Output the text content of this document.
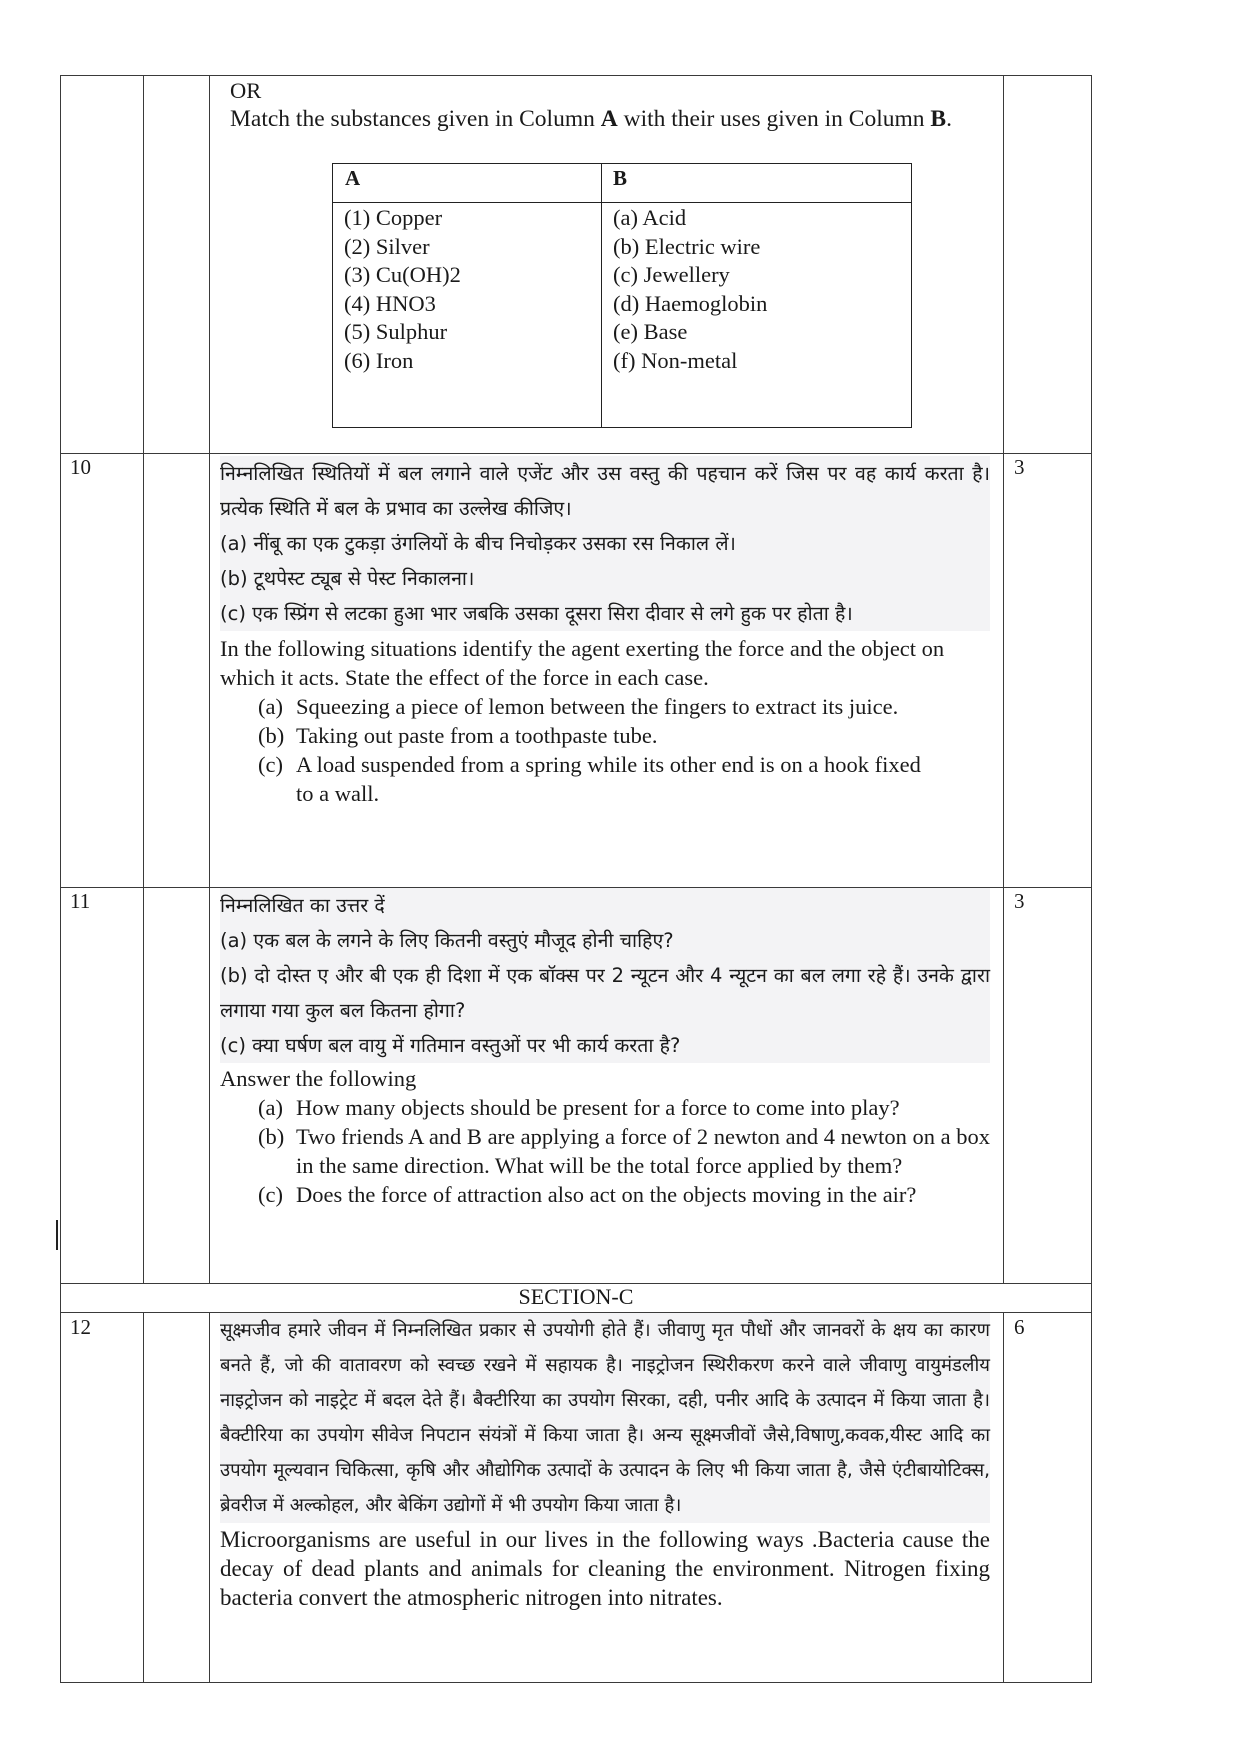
OR
Match the substances given in Column A with their uses given in Column B.
A	B
(1) Copper
(2) Silver
(3) Cu(OH)2
(4) HNO3
(5) Sulphur
(6) Iron
(a) Acid
(b) Electric wire
(c) Jewellery
(d) Haemoglobin
(e) Base
(f) Non-metal
10	3
निम्नलिखित स्थितियों में बल लगाने वाले एजेंट और उस वस्तु की पहचान करें जिस पर वह कार्य करता है। प्रत्येक स्थिति में बल के प्रभाव का उल्लेख कीजिए।
(a) नींबू का एक टुकड़ा उंगलियों के बीच निचोड़कर उसका रस निकाल लें।
(b) टूथपेस्ट ट्यूब से पेस्ट निकालना।
(c) एक स्प्रिंग से लटका हुआ भार जबकि उसका दूसरा सिरा दीवार से लगे हुक पर होता है।
In the following situations identify the agent exerting the force and the object on which it acts. State the effect of the force in each case.
(a) Squeezing a piece of lemon between the fingers to extract its juice.
(b) Taking out paste from a toothpaste tube.
(c) A load suspended from a spring while its other end is on a hook fixed to a wall.
11	3
निम्नलिखित का उत्तर दें
(a) एक बल के लगने के लिए कितनी वस्तुएं मौजूद होनी चाहिए?
(b) दो दोस्त ए और बी एक ही दिशा में एक बॉक्स पर 2 न्यूटन और 4 न्यूटन का बल लगा रहे हैं। उनके द्वारा लगाया गया कुल बल कितना होगा?
(c) क्या घर्षण बल वायु में गतिमान वस्तुओं पर भी कार्य करता है?
Answer the following
(a) How many objects should be present for a force to come into play?
(b) Two friends A and B are applying a force of 2 newton and 4 newton on a box in the same direction. What will be the total force applied by them?
(c) Does the force of attraction also act on the objects moving in the air?
SECTION-C
12	6
सूक्ष्मजीव हमारे जीवन में निम्नलिखित प्रकार से उपयोगी होते हैं। जीवाणु मृत पौधों और जानवरों के क्षय का कारण बनते हैं, जो की वातावरण को स्वच्छ रखने में सहायक है। नाइट्रोजन स्थिरीकरण करने वाले जीवाणु वायुमंडलीय नाइट्रोजन को नाइट्रेट में बदल देते हैं। बैक्टीरिया का उपयोग सिरका, दही, पनीर आदि के उत्पादन में किया जाता है। बैक्टीरिया का उपयोग सीवेज निपटान संयंत्रों में किया जाता है। अन्य सूक्ष्मजीवों जैसे,विषाणु,कवक,यीस्ट आदि का उपयोग मूल्यवान चिकित्सा, कृषि और औद्योगिक उत्पादों के उत्पादन के लिए भी किया जाता है, जैसे एंटीबायोटिक्स, ब्रेवरीज में अल्कोहल, और बेकिंग उद्योगों में भी उपयोग किया जाता है।
Microorganisms are useful in our lives in the following ways .Bacteria cause the decay of dead plants and animals for cleaning the environment. Nitrogen fixing bacteria convert the atmospheric nitrogen into nitrates.
